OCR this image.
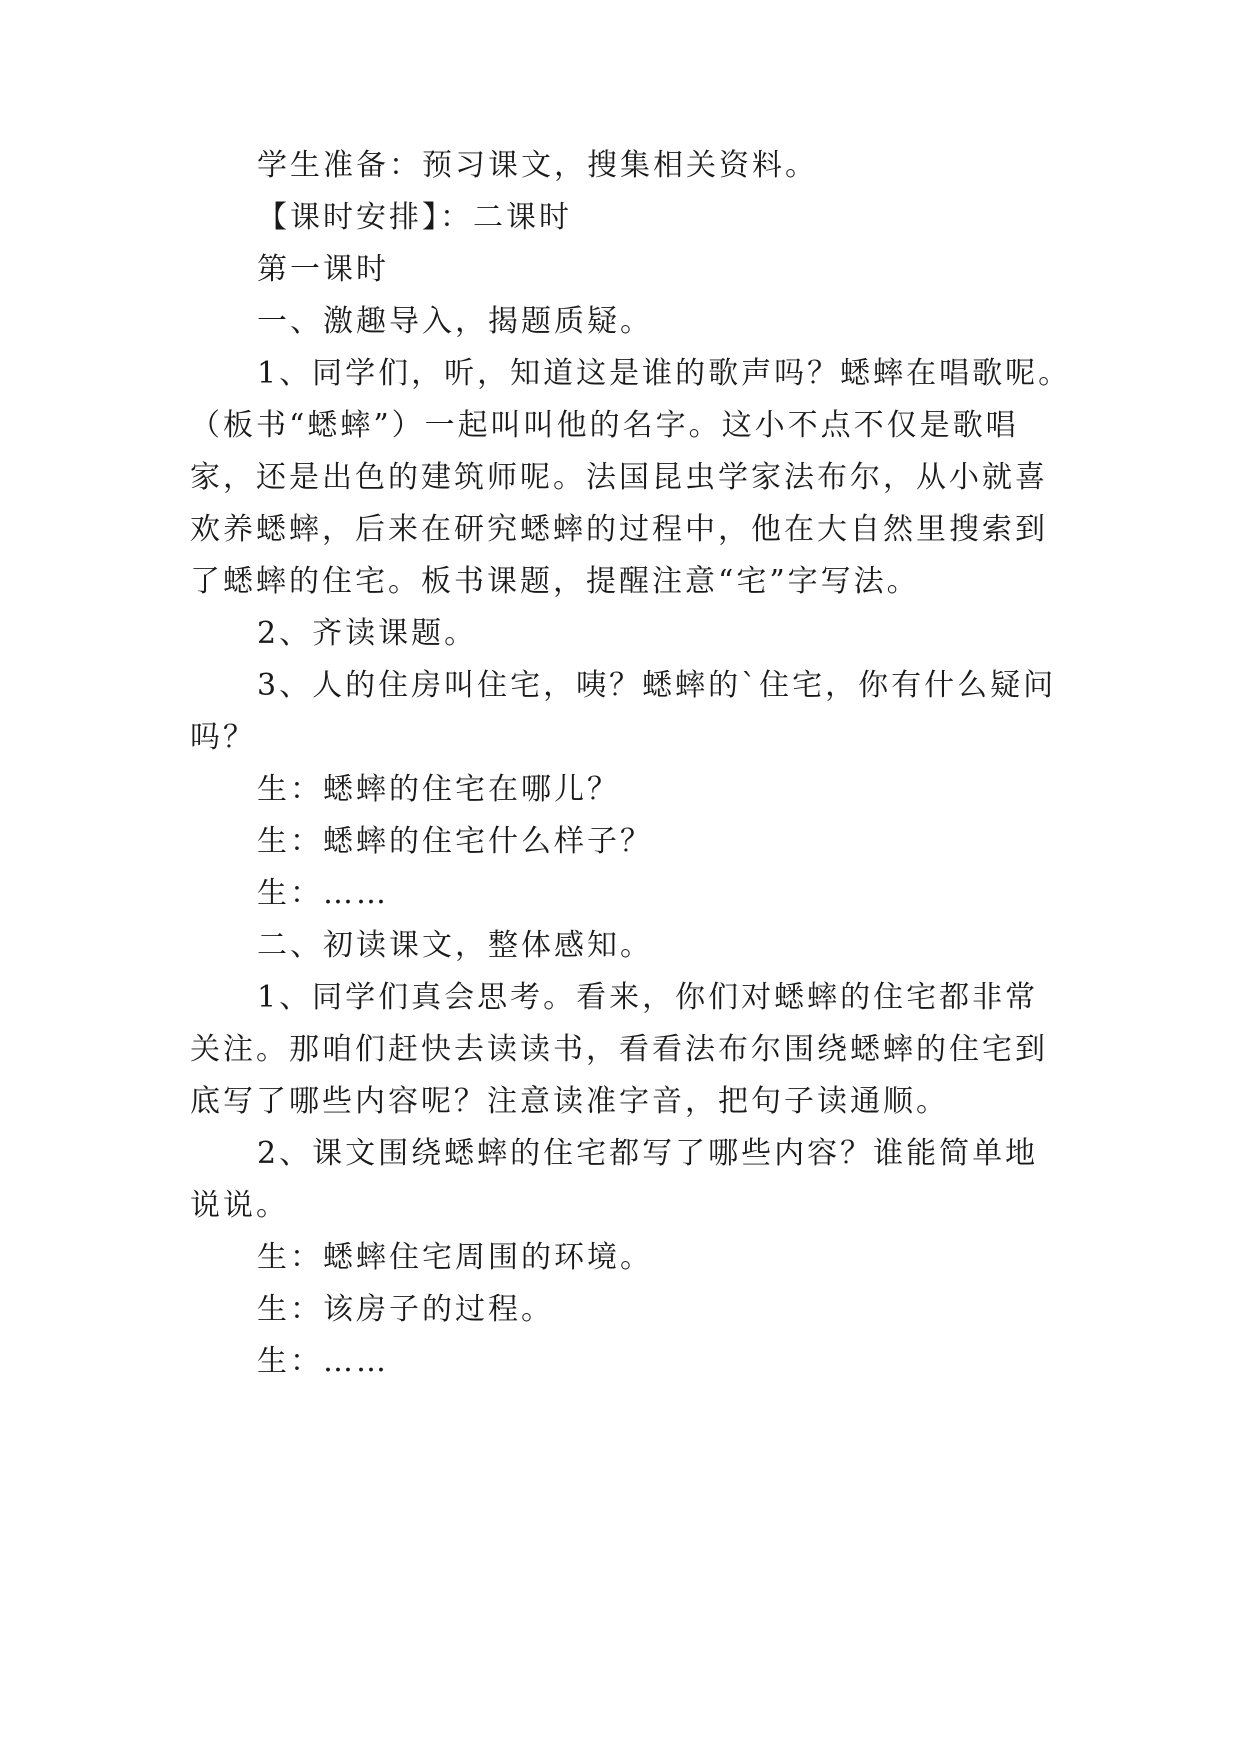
学生准备：预习课文，搜集相关资料。
【课时安排】：二课时
第一课时
一、激趣导入，揭题质疑。
1、同学们，听，知道这是谁的歌声吗？蟋蟀在唱歌呢。
（板书“蟋蟀”）一起叫叫他的名字。这小不点不仅是歌唱
家，还是出色的建筑师呢。法国昆虫学家法布尔，从小就喜
欢养蟋蟀，后来在研究蟋蟀的过程中，他在大自然里搜索到
了蟋蟀的住宅。板书课题，提醒注意“宅”字写法。
2、齐读课题。
3、人的住房叫住宅，咦？蟋蟀的`住宅，你有什么疑问
吗？
生：蟋蟀的住宅在哪儿？
生：蟋蟀的住宅什么样子？
生：……
二、初读课文，整体感知。
1、同学们真会思考。看来，你们对蟋蟀的住宅都非常
关注。那咱们赶快去读读书，看看法布尔围绕蟋蟀的住宅到
底写了哪些内容呢？注意读准字音，把句子读通顺。
2、课文围绕蟋蟀的住宅都写了哪些内容？谁能简单地
说说。
生：蟋蟀住宅周围的环境。
生：该房子的过程。
生：……
